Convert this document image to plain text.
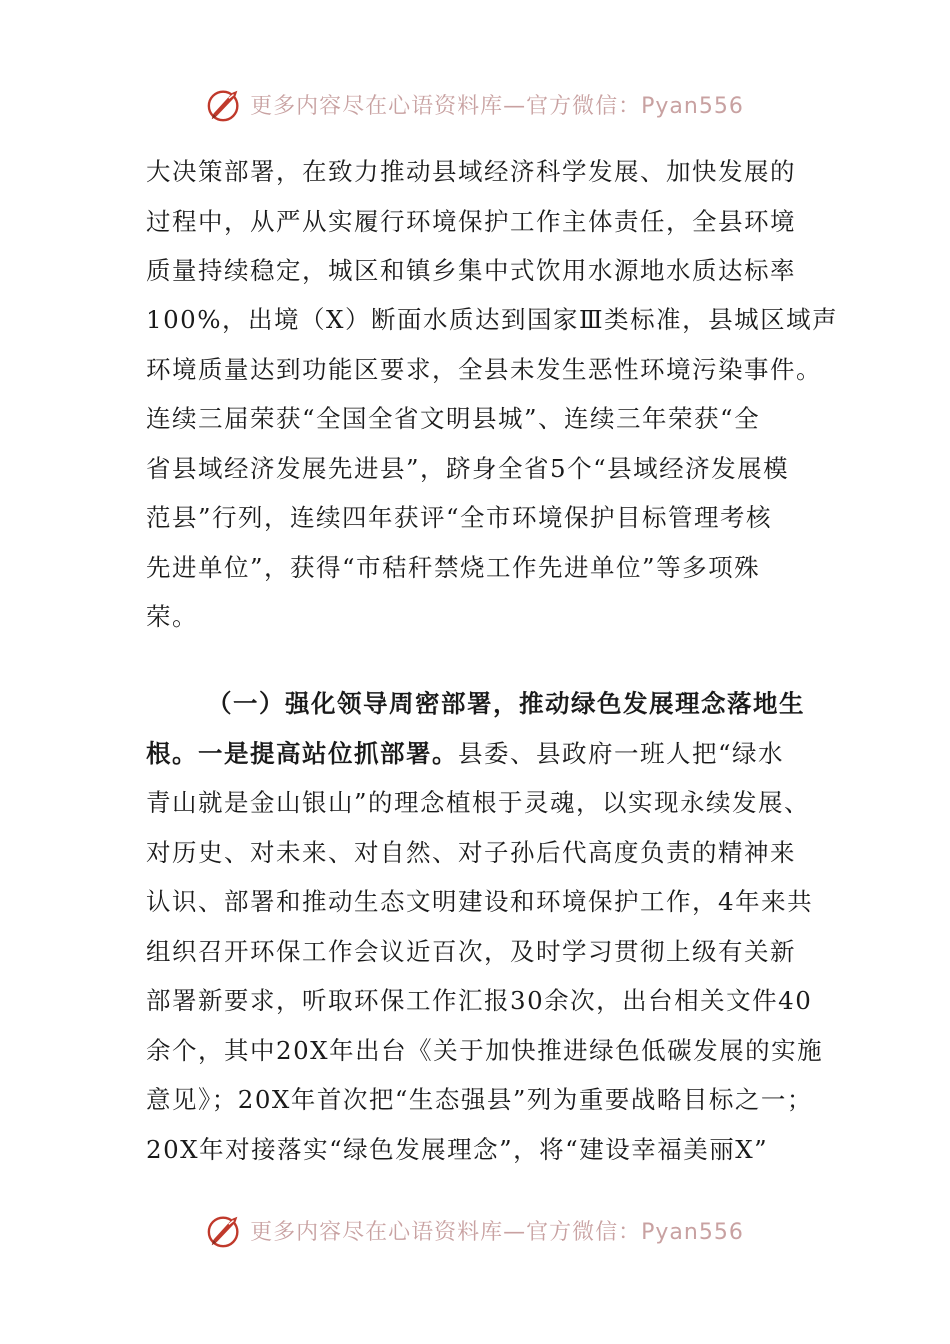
更多内容尽在心语资料库—官方微信：Pyan556
大决策部署，在致力推动县域经济科学发展、加快发展的
过程中，从严从实履行环境保护工作主体责任，全县环境
质量持续稳定，城区和镇乡集中式饮用水源地水质达标率
100%，出境（X）断面水质达到国家Ⅲ类标准，县城区域声
环境质量达到功能区要求，全县未发生恶性环境污染事件。
连续三届荣获“全国全省文明县城”、连续三年荣获“全
省县域经济发展先进县”，跻身全省5个“县域经济发展模
范县”行列，连续四年获评“全市环境保护目标管理考核
先进单位”，获得“市秸秆禁烧工作先进单位”等多项殊
荣。
（一）强化领导周密部署，推动绿色发展理念落地生
根。一是提高站位抓部署。县委、县政府一班人把“绿水
青山就是金山银山”的理念植根于灵魂，以实现永续发展、
对历史、对未来、对自然、对子孙后代高度负责的精神来
认识、部署和推动生态文明建设和环境保护工作，4年来共
组织召开环保工作会议近百次，及时学习贯彻上级有关新
部署新要求，听取环保工作汇报30余次，出台相关文件40
余个，其中20X年出台《关于加快推进绿色低碳发展的实施
意见》；20X年首次把“生态强县”列为重要战略目标之一；
20X年对接落实“绿色发展理念”，将“建设幸福美丽X”
更多内容尽在心语资料库—官方微信：Pyan556
